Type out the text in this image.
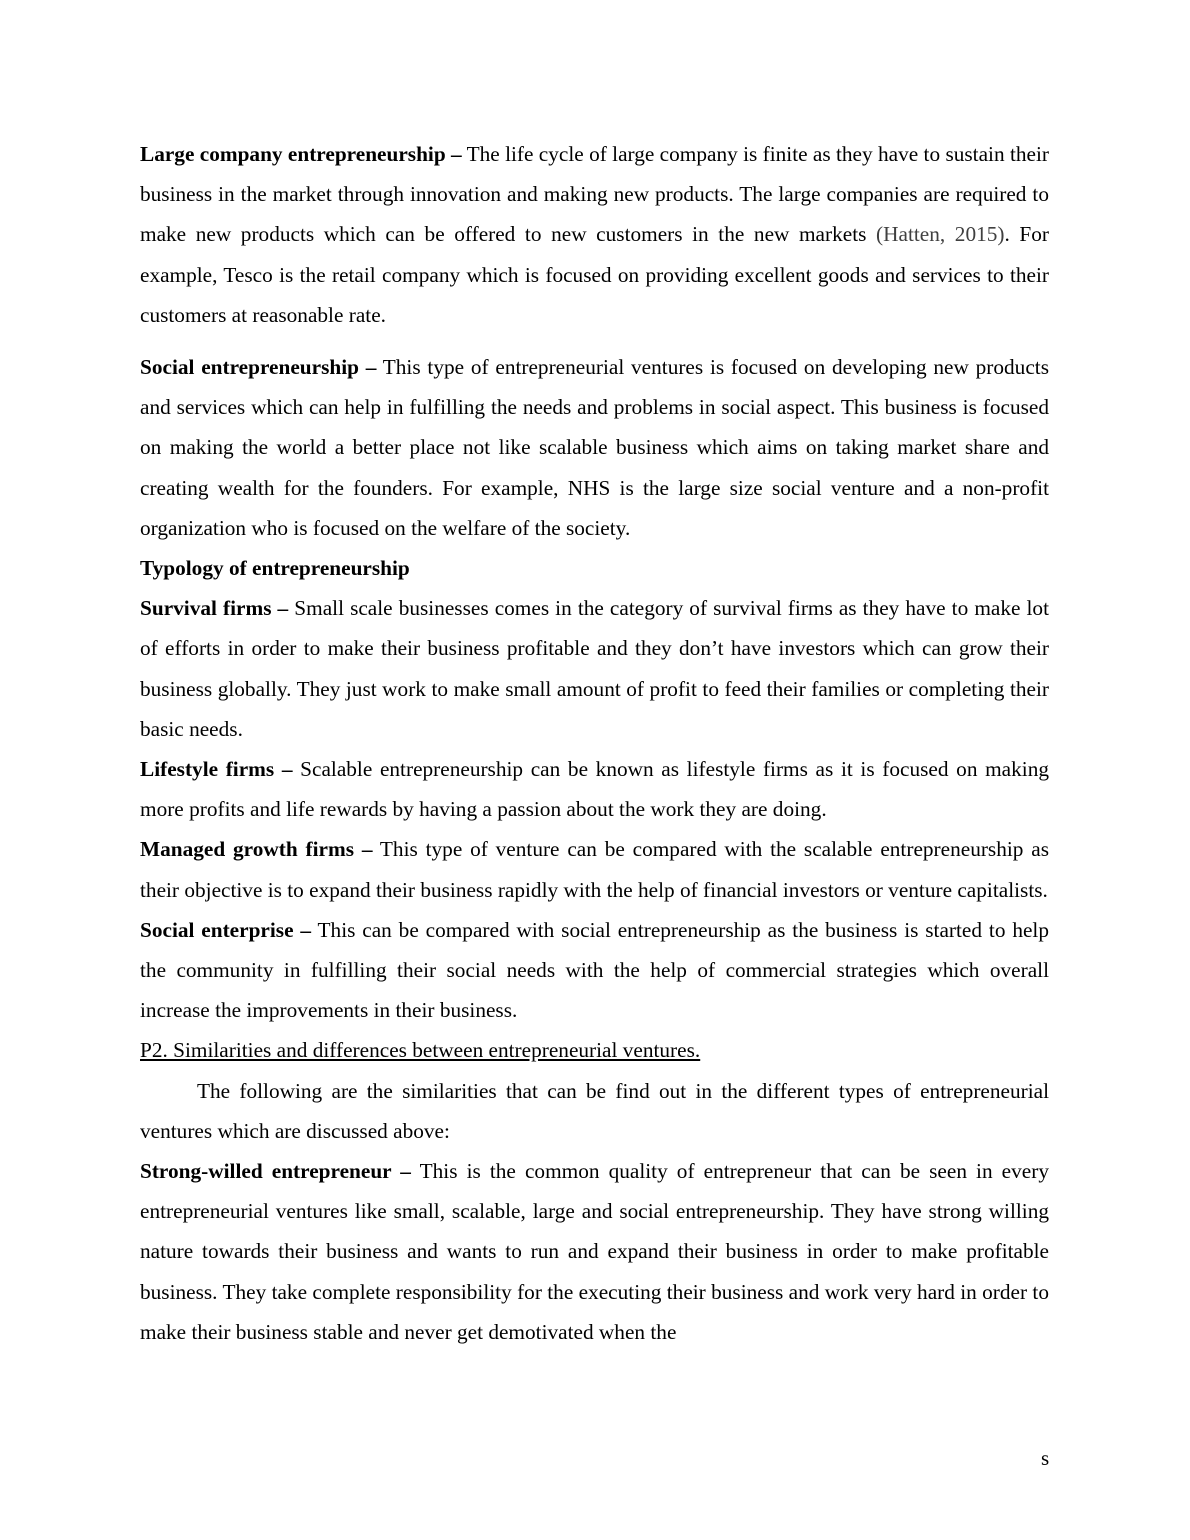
Large company entrepreneurship – The life cycle of large company is finite as they have to sustain their business in the market through innovation and making new products. The large companies are required to make new products which can be offered to new customers in the new markets (Hatten, 2015). For example, Tesco is the retail company which is focused on providing excellent goods and services to their customers at reasonable rate.

Social entrepreneurship – This type of entrepreneurial ventures is focused on developing new products and services which can help in fulfilling the needs and problems in social aspect. This business is focused on making the world a better place not like scalable business which aims on taking market share and creating wealth for the founders. For example, NHS is the large size social venture and a non-profit organization who is focused on the welfare of the society.

Typology of entrepreneurship

Survival firms – Small scale businesses comes in the category of survival firms as they have to make lot of efforts in order to make their business profitable and they don’t have investors which can grow their business globally. They just work to make small amount of profit to feed their families or completing their basic needs.

Lifestyle firms – Scalable entrepreneurship can be known as lifestyle firms as it is focused on making more profits and life rewards by having a passion about the work they are doing.

Managed growth firms – This type of venture can be compared with the scalable entrepreneurship as their objective is to expand their business rapidly with the help of financial investors or venture capitalists.

Social enterprise – This can be compared with social entrepreneurship as the business is started to help the community in fulfilling their social needs with the help of commercial strategies which overall increase the improvements in their business.

P2. Similarities and differences between entrepreneurial ventures.

The following are the similarities that can be find out in the different types of entrepreneurial ventures which are discussed above:

Strong-willed entrepreneur – This is the common quality of entrepreneur that can be seen in every entrepreneurial ventures like small, scalable, large and social entrepreneurship. They have strong willing nature towards their business and wants to run and expand their business in order to make profitable business. They take complete responsibility for the executing their business and work very hard in order to make their business stable and never get demotivated when the

s
